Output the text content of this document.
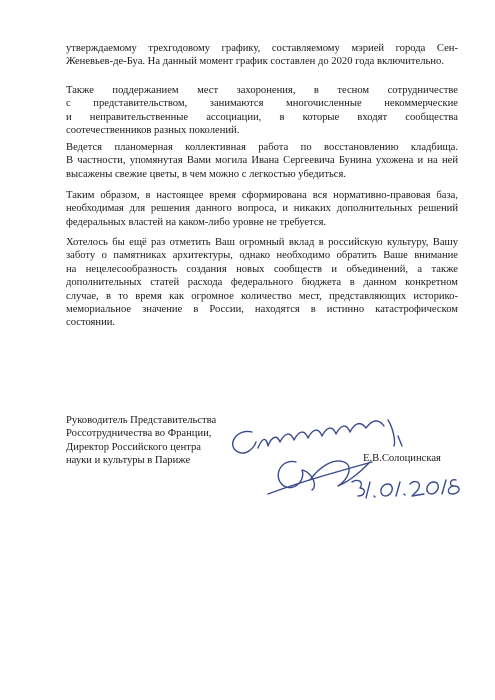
утверждаемому трехгодовому графику, составляемому мэрией города Сен-
Женевьев-де-Буа. На данный момент график составлен до 2020 года включительно.

Также поддержанием мест захоронения, в тесном сотрудничестве
с представительством, занимаются многочисленные некоммерческие
и неправительственные ассоциации, в которые входят сообщества
соотечественников разных поколений.

Ведется планомерная коллективная работа по восстановлению кладбища.
В частности, упомянутая Вами могила Ивана Сергеевича Бунина ухожена и на ней
высажены свежие цветы, в чем можно с легкостью убедиться.

Таким образом, в настоящее время сформирована вся нормативно-правовая база,
необходимая для решения данного вопроса, и никаких дополнительных решений
федеральных властей на каком-либо уровне не требуется.

Хотелось бы ещё раз отметить Ваш огромный вклад в российскую культуру, Вашу
заботу о памятниках архитектуры, однако необходимо обратить Ваше внимание
на нецелесообразность создания новых сообществ и объединений, а также
дополнительных статей расхода федерального бюджета в данном конкретном
случае, в то время как огромное количество мест, представляющих историко-
мемориальное значение в России, находятся в истинно катастрофическом
состоянии.

Руководитель Представительства
Россотрудничества во Франции,
Директор Российского центра
науки и культуры в Париже	Е.В.Солоцинская
